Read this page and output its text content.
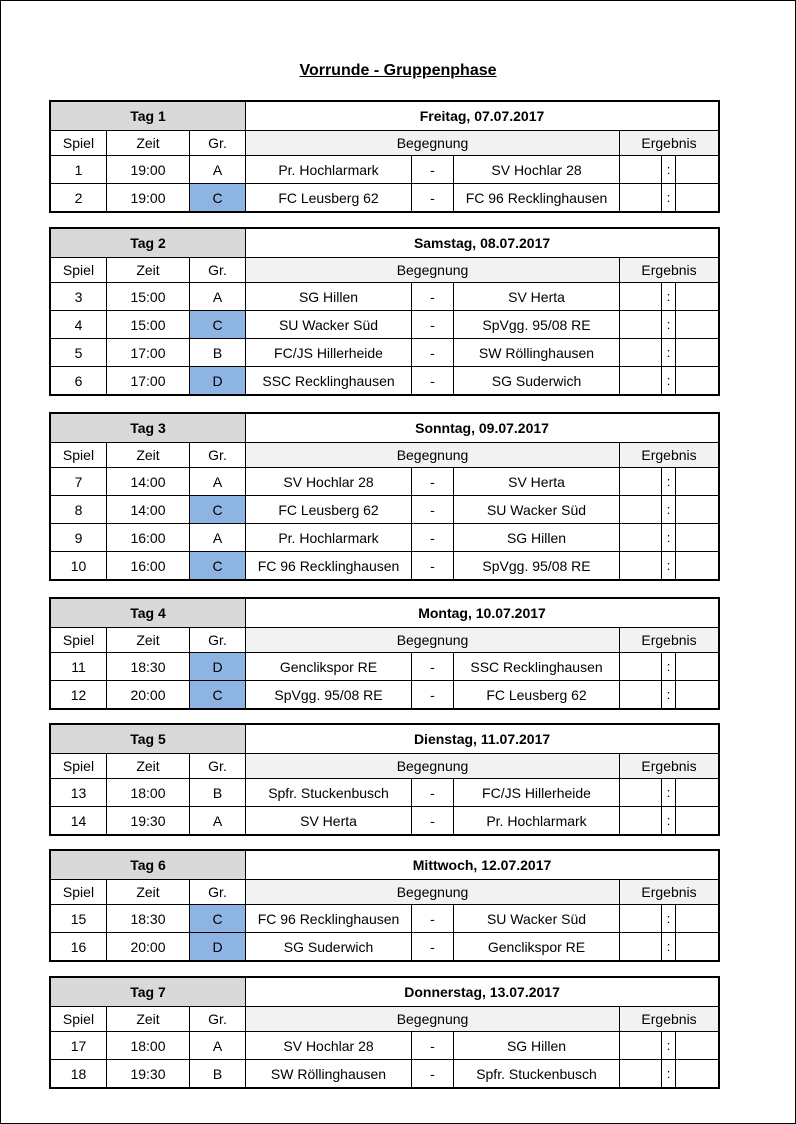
Vorrunde - Gruppenphase
Tag 1			Freitag, 07.07.2017					
Spiel	Zeit	Gr.	Begegnung			Ergebnis		
1	19:00	A	Pr. Hochlarmark	-	SV Hochlar 28		:	
2	19:00	C	FC Leusberg 62	-	FC 96 Recklinghausen		:	
Tag 2			Samstag, 08.07.2017					
Spiel	Zeit	Gr.	Begegnung			Ergebnis		
3	15:00	A	SG Hillen	-	SV Herta		:	
4	15:00	C	SU Wacker Süd	-	SpVgg. 95/08 RE		:	
5	17:00	B	FC/JS Hillerheide	-	SW Röllinghausen		:	
6	17:00	D	SSC Recklinghausen	-	SG Suderwich		:	
Tag 3			Sonntag, 09.07.2017					
Spiel	Zeit	Gr.	Begegnung			Ergebnis		
7	14:00	A	SV Hochlar 28	-	SV Herta		:	
8	14:00	C	FC Leusberg 62	-	SU Wacker Süd		:	
9	16:00	A	Pr. Hochlarmark	-	SG Hillen		:	
10	16:00	C	FC 96 Recklinghausen	-	SpVgg. 95/08 RE		:	
Tag 4			Montag, 10.07.2017					
Spiel	Zeit	Gr.	Begegnung			Ergebnis		
11	18:30	D	Genclikspor RE	-	SSC Recklinghausen		:	
12	20:00	C	SpVgg. 95/08 RE	-	FC Leusberg 62		:	
Tag 5			Dienstag, 11.07.2017					
Spiel	Zeit	Gr.	Begegnung			Ergebnis		
13	18:00	B	Spfr. Stuckenbusch	-	FC/JS Hillerheide		:	
14	19:30	A	SV Herta	-	Pr. Hochlarmark		:	
Tag 6			Mittwoch, 12.07.2017					
Spiel	Zeit	Gr.	Begegnung			Ergebnis		
15	18:30	C	FC 96 Recklinghausen	-	SU Wacker Süd		:	
16	20:00	D	SG Suderwich	-	Genclikspor RE		:	
Tag 7			Donnerstag, 13.07.2017					
Spiel	Zeit	Gr.	Begegnung			Ergebnis		
17	18:00	A	SV Hochlar 28	-	SG Hillen		:	
18	19:30	B	SW Röllinghausen	-	Spfr. Stuckenbusch		:	
